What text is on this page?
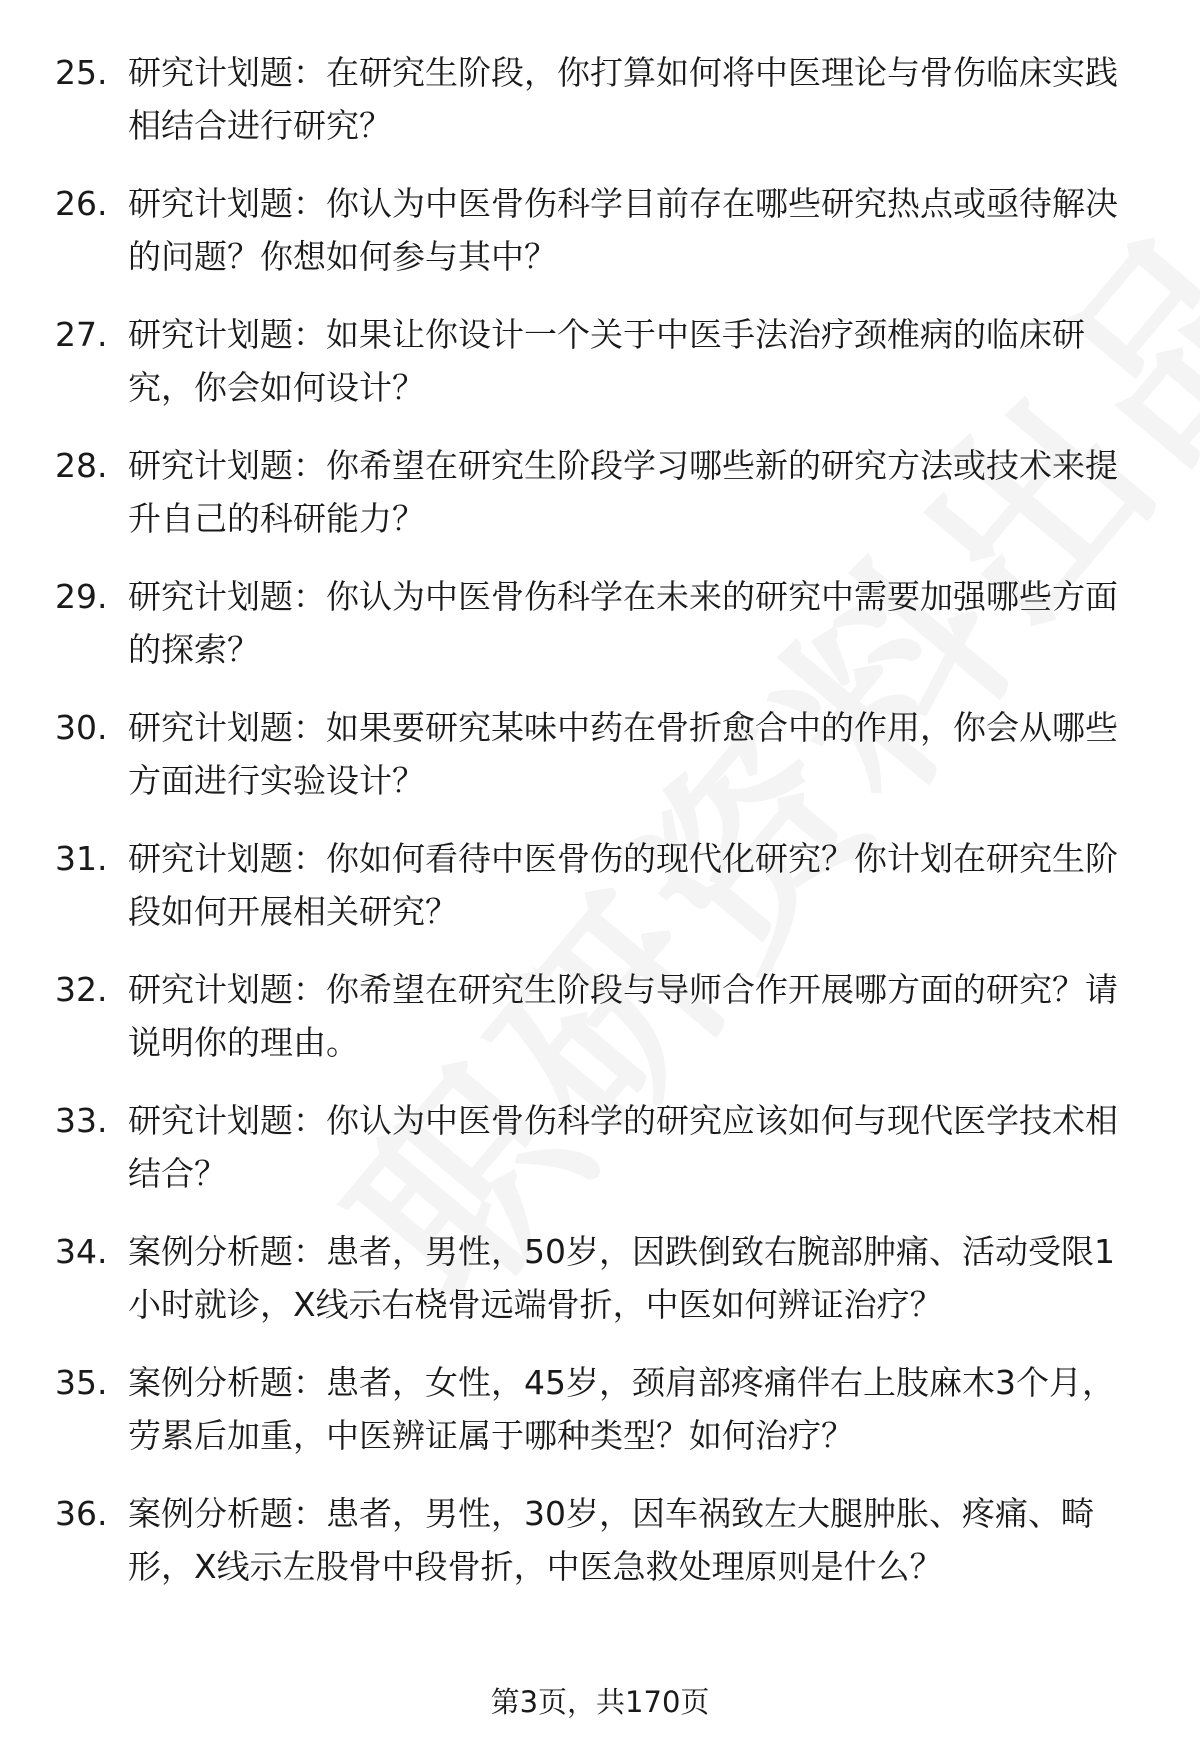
25. 研究计划题：在研究生阶段，你打算如何将中医理论与骨伤临床实践相结合进行研究？
26. 研究计划题：你认为中医骨伤科学目前存在哪些研究热点或亟待解决的问题？你想如何参与其中？
27. 研究计划题：如果让你设计一个关于中医手法治疗颈椎病的临床研究，你会如何设计？
28. 研究计划题：你希望在研究生阶段学习哪些新的研究方法或技术来提升自己的科研能力？
29. 研究计划题：你认为中医骨伤科学在未来的研究中需要加强哪些方面的探索？
30. 研究计划题：如果要研究某味中药在骨折愈合中的作用，你会从哪些方面进行实验设计？
31. 研究计划题：你如何看待中医骨伤的现代化研究？你计划在研究生阶段如何开展相关研究？
32. 研究计划题：你希望在研究生阶段与导师合作开展哪方面的研究？请说明你的理由。
33. 研究计划题：你认为中医骨伤科学的研究应该如何与现代医学技术相结合？
34. 案例分析题：患者，男性，50岁，因跌倒致右腕部肿痛、活动受限1小时就诊，X线示右桡骨远端骨折，中医如何辨证治疗？
35. 案例分析题：患者，女性，45岁，颈肩部疼痛伴右上肢麻木3个月，劳累后加重，中医辨证属于哪种类型？如何治疗？
36. 案例分析题：患者，男性，30岁，因车祸致左大腿肿胀、疼痛、畸形，X线示左股骨中段骨折，中医急救处理原则是什么？
第3页，共170页
